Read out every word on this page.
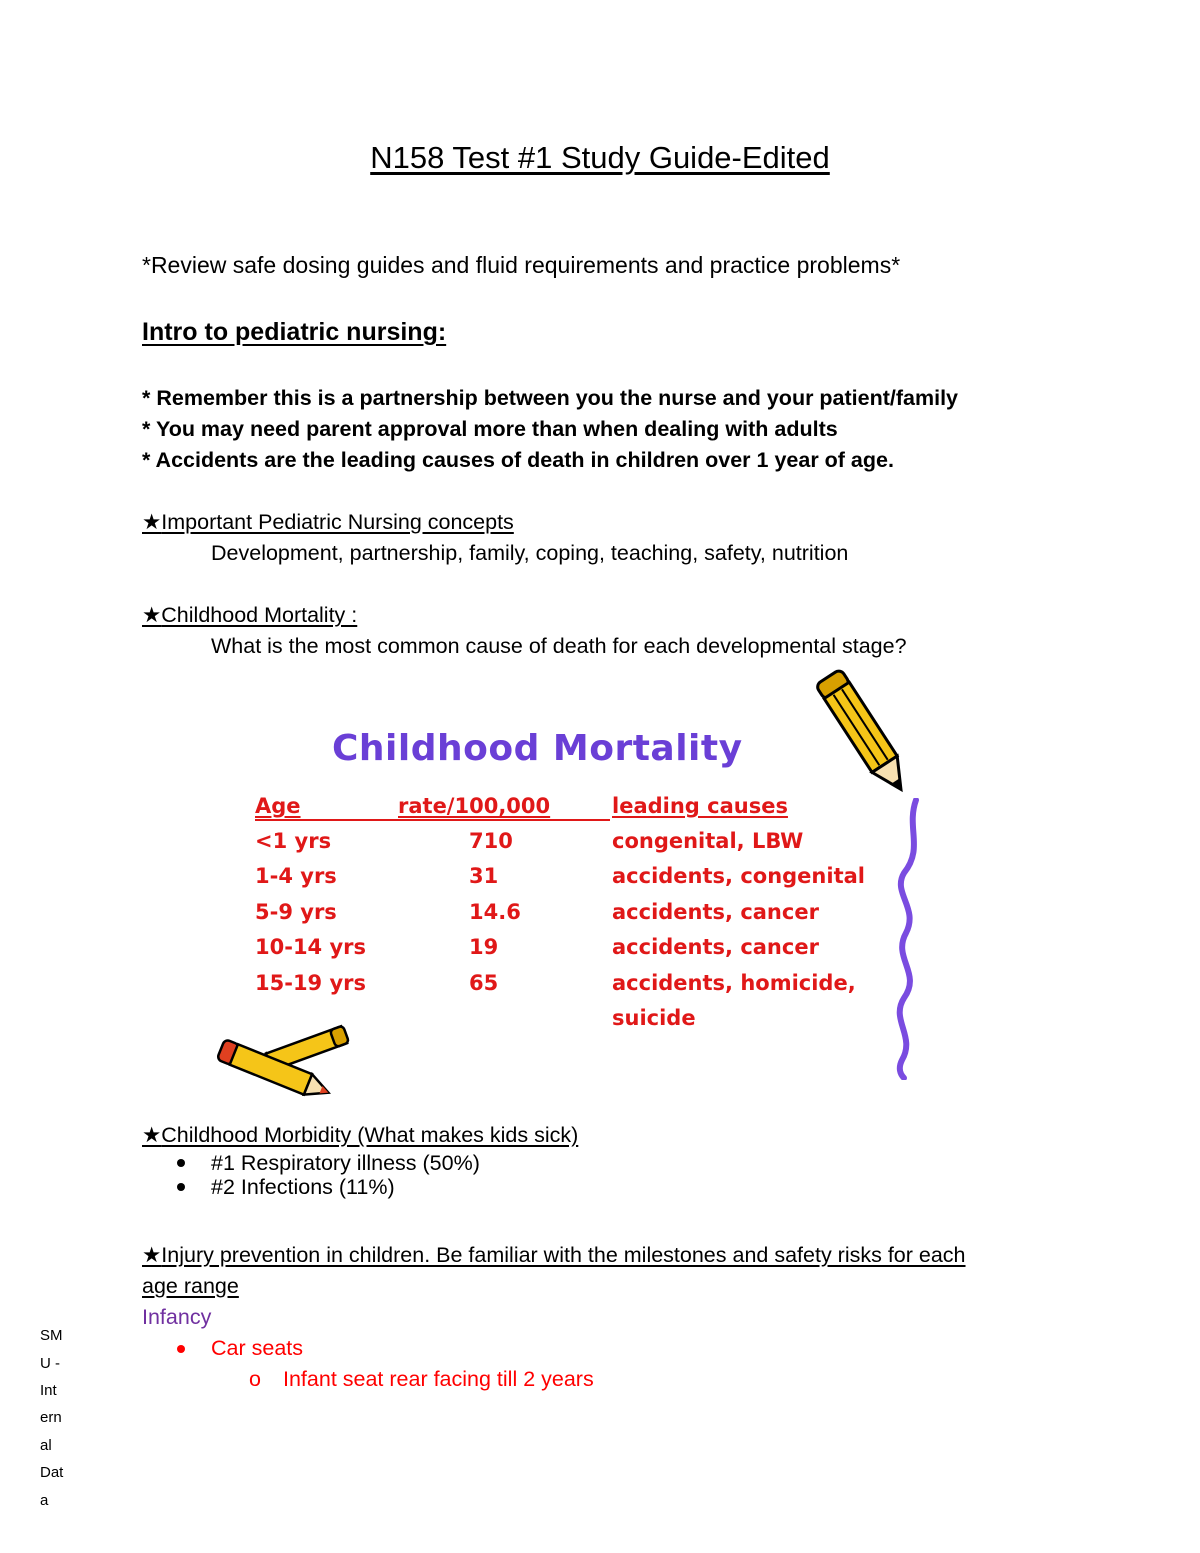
N158 Test #1 Study Guide-Edited
*Review safe dosing guides and fluid requirements and practice problems*
Intro to pediatric nursing:
* Remember this is a partnership between you the nurse and your patient/family
* You may need parent approval more than when dealing with adults
* Accidents are the leading causes of death in children over 1 year of age.
★Important Pediatric Nursing concepts
Development, partnership, family, coping, teaching, safety, nutrition
★Childhood Mortality :
What is the most common cause of death for each developmental stage?
Childhood Mortality
Age	rate/100,000	leading causes
<1 yrs	710	congenital, LBW
1-4 yrs	31	accidents, congenital
5-9 yrs	14.6	accidents, cancer
10-14 yrs	19	accidents, cancer
15-19 yrs	65	accidents, homicide,
suicide
★Childhood Morbidity (What makes kids sick)
#1 Respiratory illness (50%)
#2 Infections (11%)
★Injury prevention in children. Be familiar with the milestones and safety risks for each
age range
Infancy
Car seats
o Infant seat rear facing till 2 years
SM
U -
Int
ern
al
Dat
a
